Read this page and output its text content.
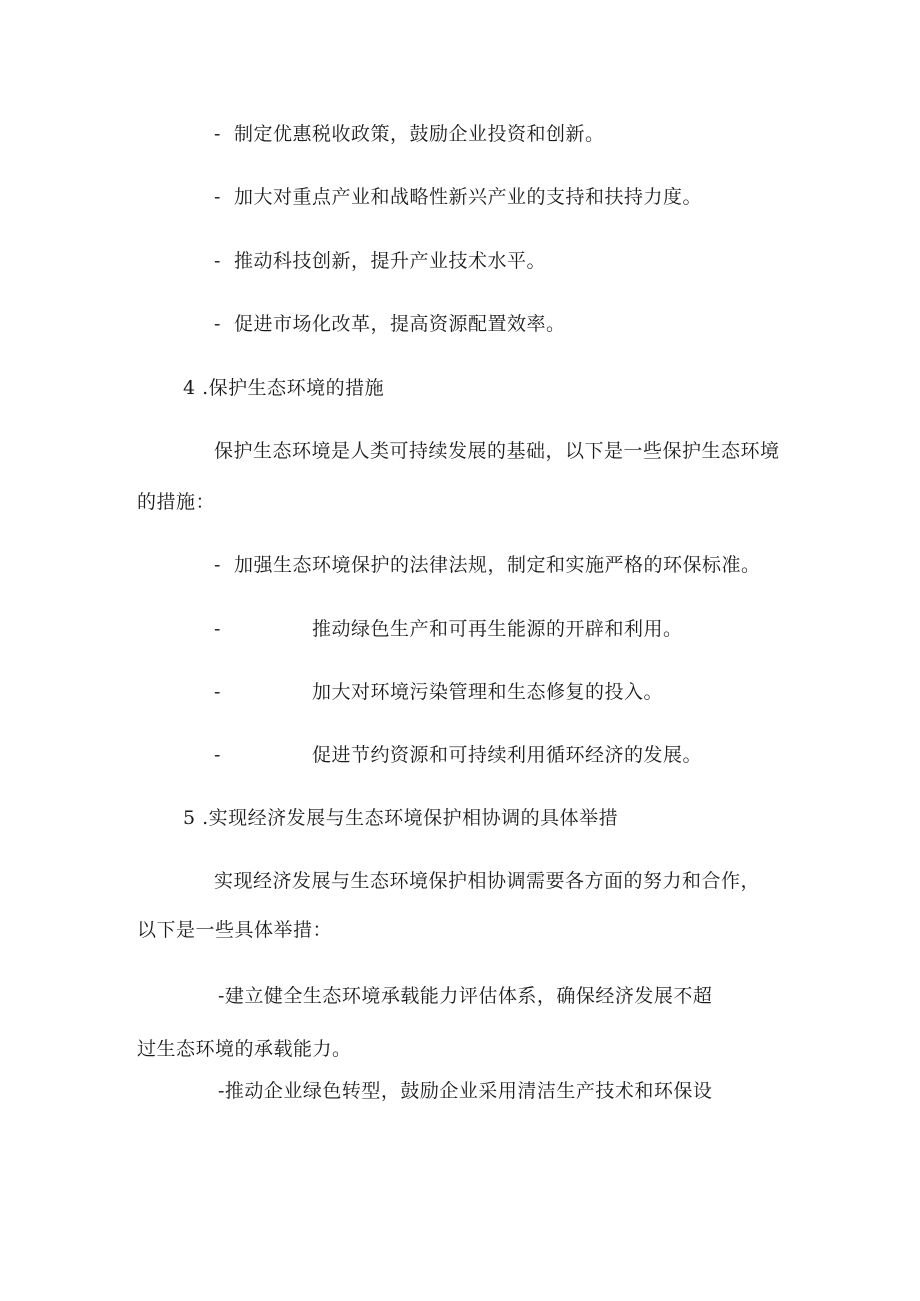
- 制定优惠税收政策，鼓励企业投资和创新。
- 加大对重点产业和战略性新兴产业的支持和扶持力度。
- 推动科技创新，提升产业技术水平。
- 促进市场化改革，提高资源配置效率。
4 .保护生态环境的措施
保护生态环境是人类可持续发展的基础，以下是一些保护生态环境
的措施：
- 加强生态环境保护的法律法规，制定和实施严格的环保标准。
-	推动绿色生产和可再生能源的开辟和利用。
-	加大对环境污染管理和生态修复的投入。
-	促进节约资源和可持续利用循环经济的发展。
5 .实现经济发展与生态环境保护相协调的具体举措
实现经济发展与生态环境保护相协调需要各方面的努力和合作，
以下是一些具体举措：
-建立健全生态环境承载能力评估体系，确保经济发展不超
过生态环境的承载能力。
-推动企业绿色转型，鼓励企业采用清洁生产技术和环保设
